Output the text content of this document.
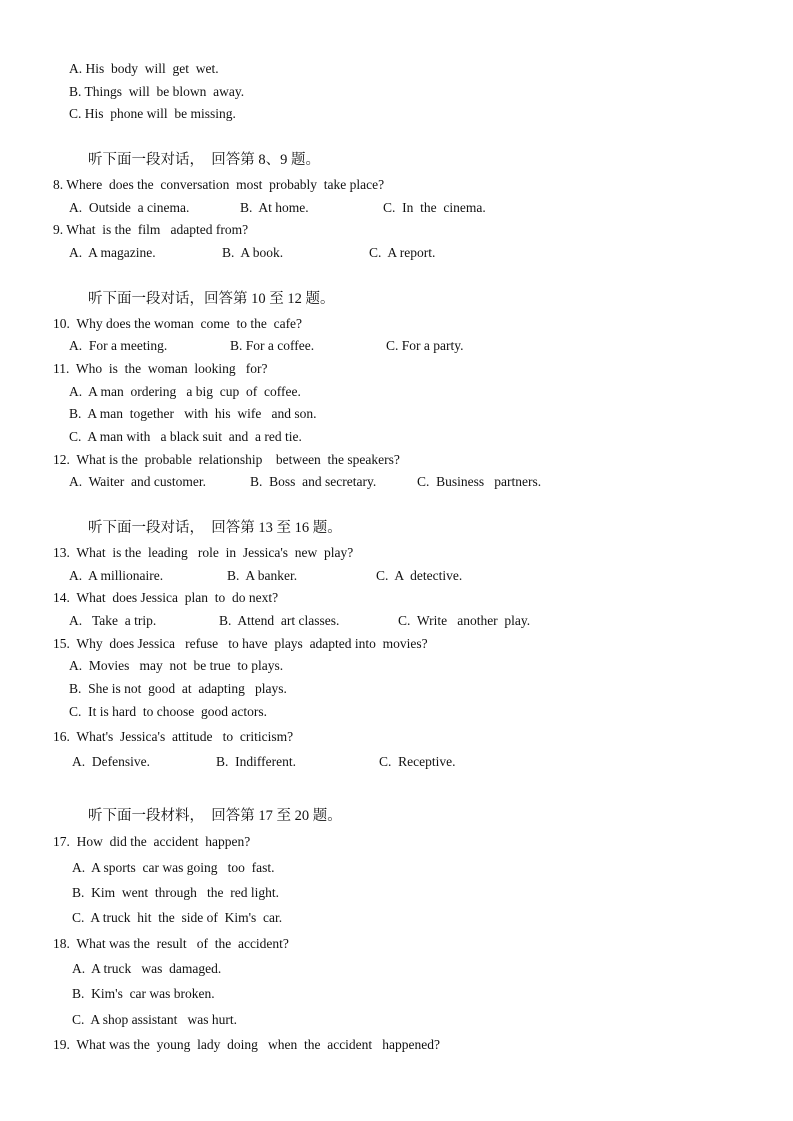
A. His  body  will  get  wet.
B. Things  will  be blown  away.
C. His  phone will  be missing.
听下面一段对话，  回答第 8、9 题。
8. Where  does the  conversation  most  probably  take place?
A.  Outside  a cinema.	B.  At home.	C.  In  the  cinema.
9. What  is the  film   adapted from?
A.  A magazine.	B.  A book.	C.  A report.
听下面一段对话，回答第 10 至 12 题。
10.  Why does the woman  come  to the  cafe?
A.  For a meeting.	B. For a coffee.	C. For a party.
11.  Who  is  the  woman  looking   for?
A.  A man  ordering   a big  cup  of  coffee.
B.  A man  together   with  his  wife   and son.
C.  A man with   a black suit  and  a red tie.
12.  What is the  probable  relationship    between  the speakers?
A.  Waiter  and customer.	B.  Boss  and secretary.	C.  Business   partners.
听下面一段对话，  回答第 13 至 16 题。
13.  What  is the  leading   role  in  Jessica's  new  play?
A.  A millionaire.	B.  A banker.	C.  A  detective.
14.  What  does Jessica  plan  to  do next?
A.   Take  a trip.	B.  Attend  art classes.	C.  Write   another  play.
15.  Why  does Jessica   refuse   to have  plays  adapted into  movies?
A.  Movies   may  not  be true  to plays.
B.  She is not  good  at  adapting   plays.
C.  It is hard  to choose  good actors.
16.  What's  Jessica's  attitude   to  criticism?
A.  Defensive.	B.  Indifferent.	C.  Receptive.
听下面一段材料，  回答第 17 至 20 题。
17.  How  did the  accident  happen?
A.  A sports  car was going   too  fast.
B.  Kim  went  through   the  red light.
C.  A truck  hit  the  side of  Kim's  car.
18.  What was the  result   of  the  accident?
A.  A truck   was  damaged.
B.  Kim's  car was broken.
C.  A shop assistant   was hurt.
19.  What was the  young  lady  doing   when  the  accident   happened?
